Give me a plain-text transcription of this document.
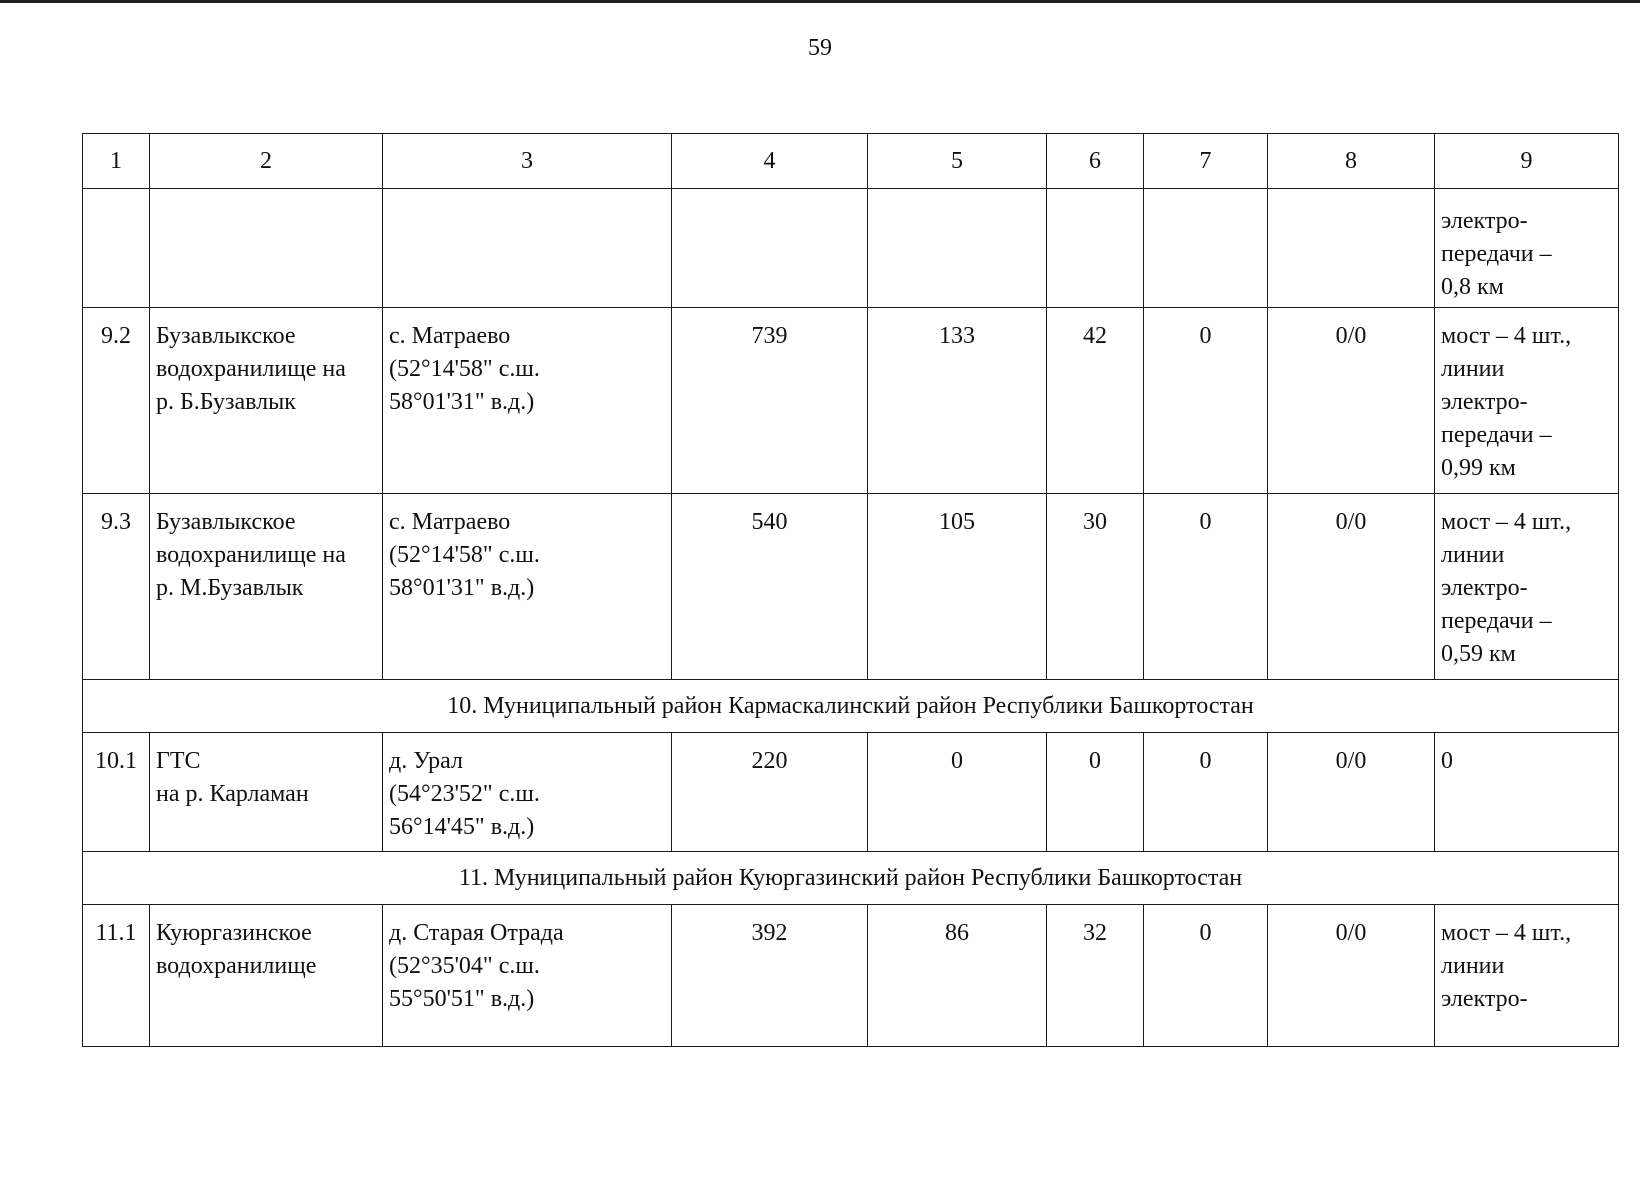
59
1	2	3	4	5	6	7	8	9
								электро-
передачи –
0,8 км
9.2	Бузавлыкское
водохранилище на
р. Б.Бузавлык	с. Матраево
(52°14'58" с.ш.
58°01'31" в.д.)	739	133	42	0	0/0	мост – 4 шт.,
линии
электро-
передачи –
0,99 км
9.3	Бузавлыкское
водохранилище на
р. М.Бузавлык	с. Матраево
(52°14'58" с.ш.
58°01'31" в.д.)	540	105	30	0	0/0	мост – 4 шт.,
линии
электро-
передачи –
0,59 км
10. Муниципальный район Кармаскалинский район Республики Башкортостан								
10.1	ГТС
на р. Карламан	д. Урал
(54°23'52" с.ш.
56°14'45" в.д.)	220	0	0	0	0/0	0
11. Муниципальный район Куюргазинский район Республики Башкортостан								
11.1	Куюргазинское
водохранилище	д. Старая Отрада
(52°35'04" с.ш.
55°50'51" в.д.)	392	86	32	0	0/0	мост – 4 шт.,
линии
электро-
